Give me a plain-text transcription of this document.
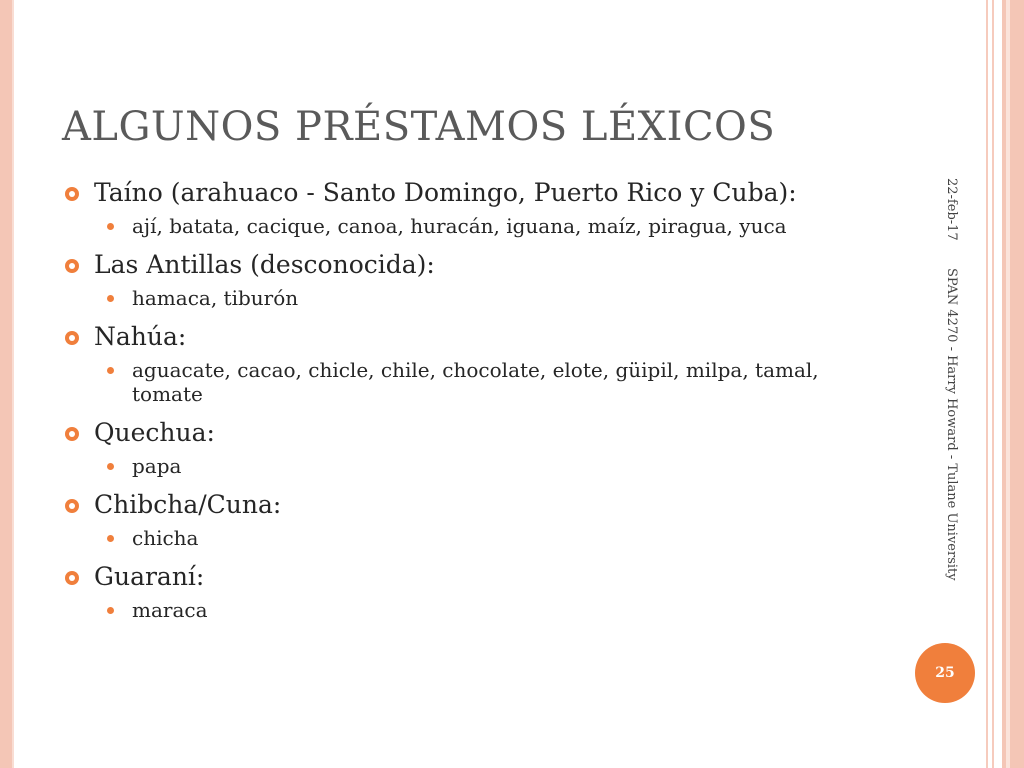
ALGUNOS PRÉSTAMOS LÉXICOS
Taíno (arahuaco - Santo Domingo, Puerto Rico y Cuba):
ají, batata, cacique, canoa, huracán, iguana, maíz, piragua, yuca
Las Antillas (desconocida):
hamaca, tiburón
Nahúa:
aguacate, cacao, chicle, chile, chocolate, elote, güipil, milpa, tamal, tomate
Quechua:
papa
Chibcha/Cuna:
chicha
Guaraní:
maraca
22-feb-17
SPAN 4270 - Harry Howard - Tulane University
25
